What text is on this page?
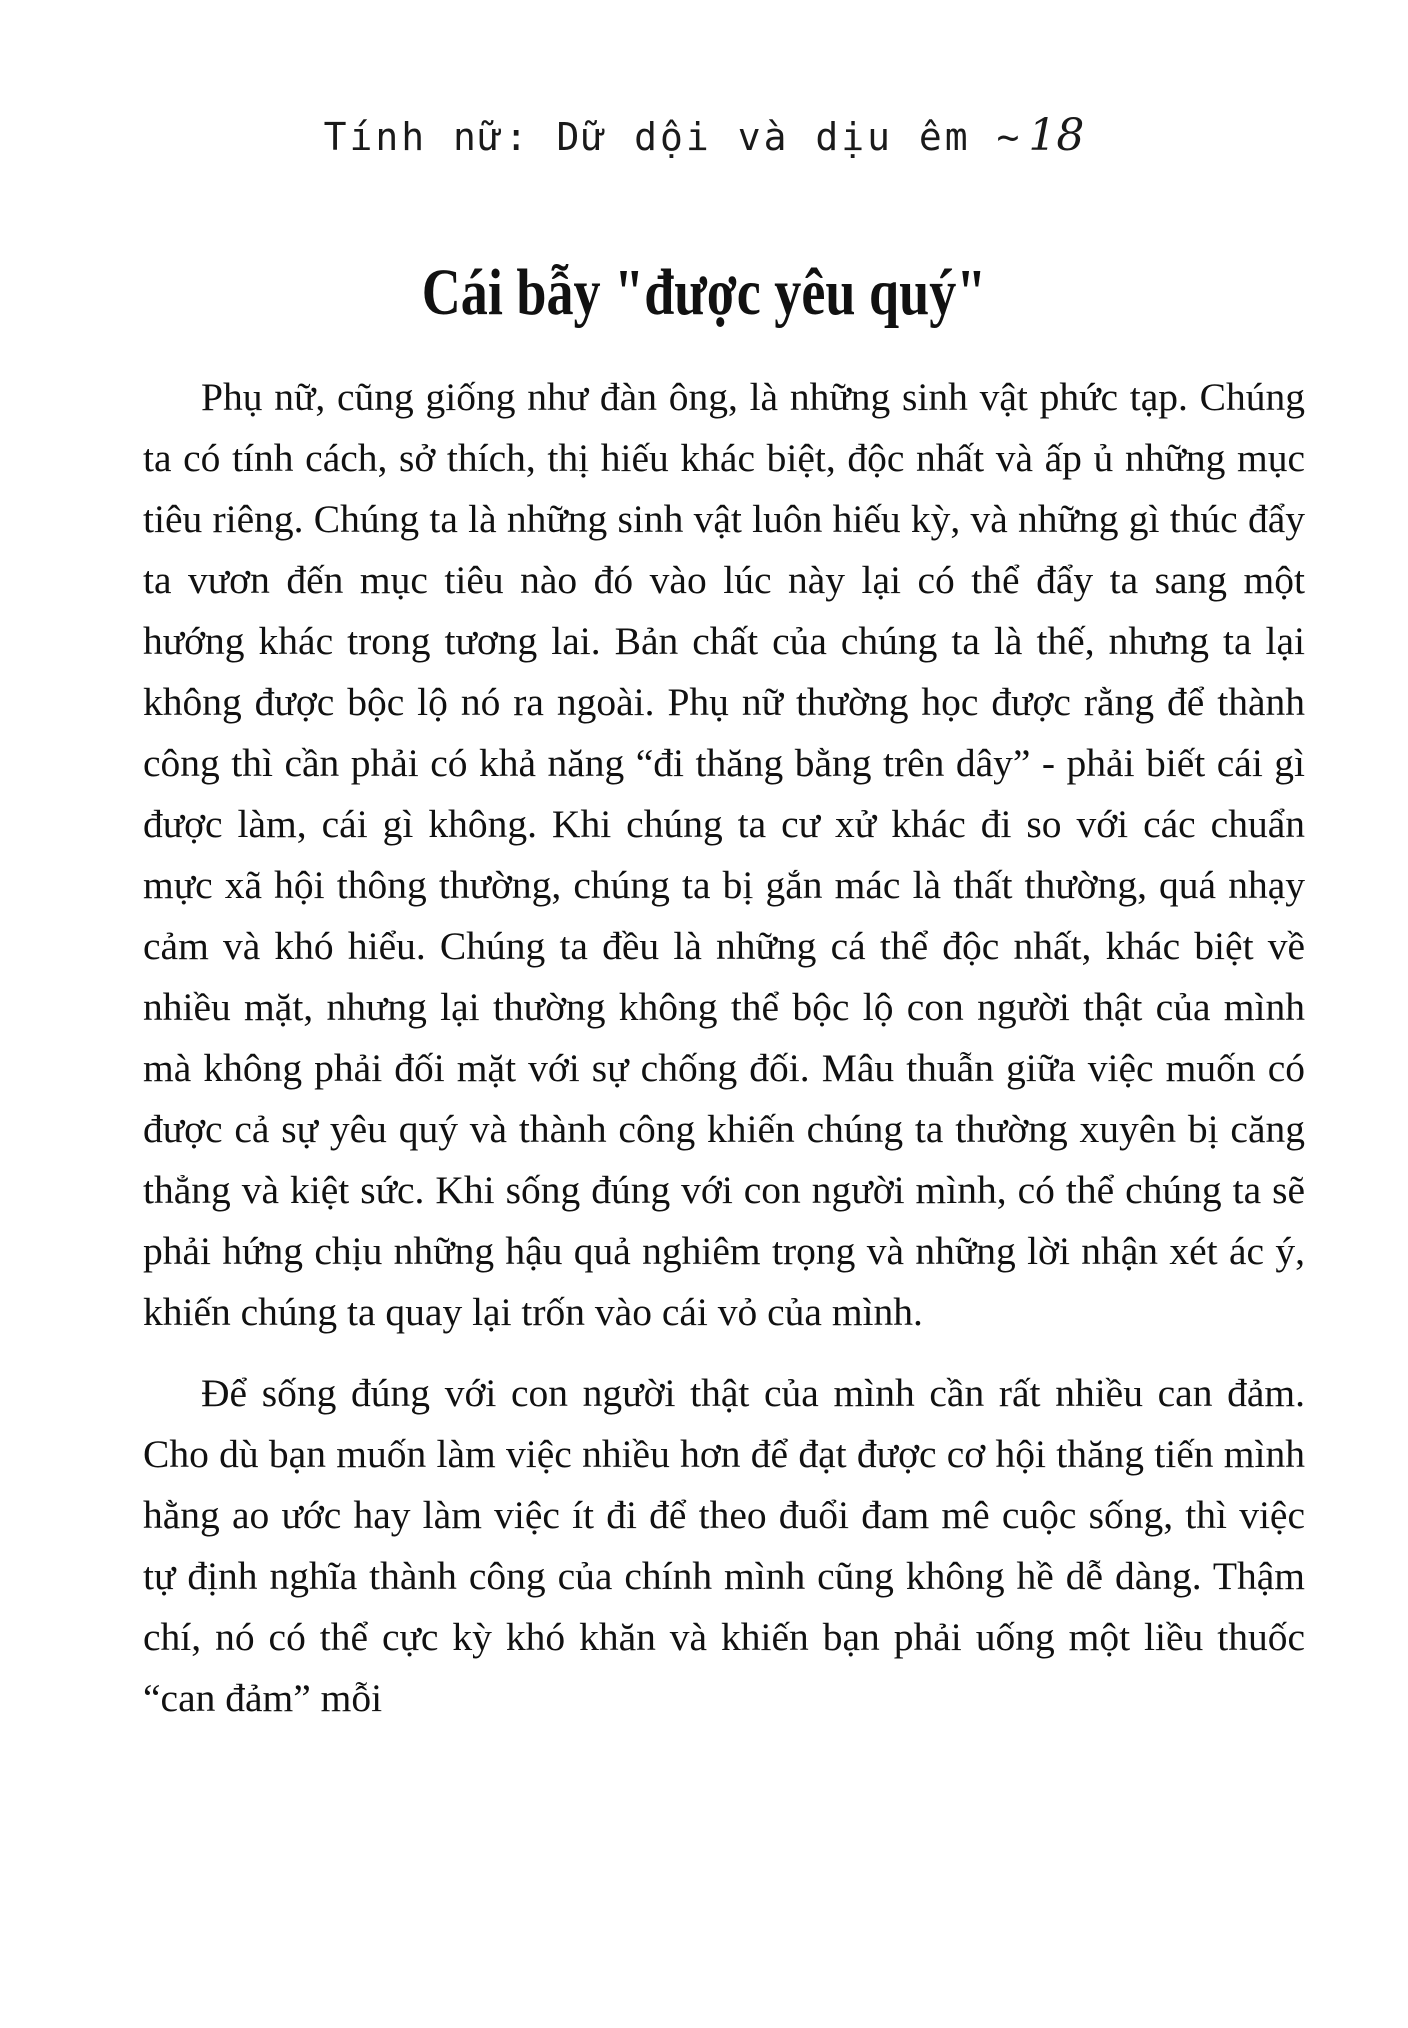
Tính nữ: Dữ dội và dịu êm ~ 18
Cái bẫy "được yêu quý"

Phụ nữ, cũng giống như đàn ông, là những sinh vật phức tạp. Chúng ta có tính cách, sở thích, thị hiếu khác biệt, độc nhất và ấp ủ những mục tiêu riêng. Chúng ta là những sinh vật luôn hiếu kỳ, và những gì thúc đẩy ta vươn đến mục tiêu nào đó vào lúc này lại có thể đẩy ta sang một hướng khác trong tương lai. Bản chất của chúng ta là thế, nhưng ta lại không được bộc lộ nó ra ngoài. Phụ nữ thường học được rằng để thành công thì cần phải có khả năng “đi thăng bằng trên dây” - phải biết cái gì được làm, cái gì không. Khi chúng ta cư xử khác đi so với các chuẩn mực xã hội thông thường, chúng ta bị gắn mác là thất thường, quá nhạy cảm và khó hiểu. Chúng ta đều là những cá thể độc nhất, khác biệt về nhiều mặt, nhưng lại thường không thể bộc lộ con người thật của mình mà không phải đối mặt với sự chống đối. Mâu thuẫn giữa việc muốn có được cả sự yêu quý và thành công khiến chúng ta thường xuyên bị căng thẳng và kiệt sức. Khi sống đúng với con người mình, có thể chúng ta sẽ phải hứng chịu những hậu quả nghiêm trọng và những lời nhận xét ác ý, khiến chúng ta quay lại trốn vào cái vỏ của mình.

Để sống đúng với con người thật của mình cần rất nhiều can đảm. Cho dù bạn muốn làm việc nhiều hơn để đạt được cơ hội thăng tiến mình hằng ao ước hay làm việc ít đi để theo đuổi đam mê cuộc sống, thì việc tự định nghĩa thành công của chính mình cũng không hề dễ dàng. Thậm chí, nó có thể cực kỳ khó khăn và khiến bạn phải uống một liều thuốc “can đảm” mỗi
